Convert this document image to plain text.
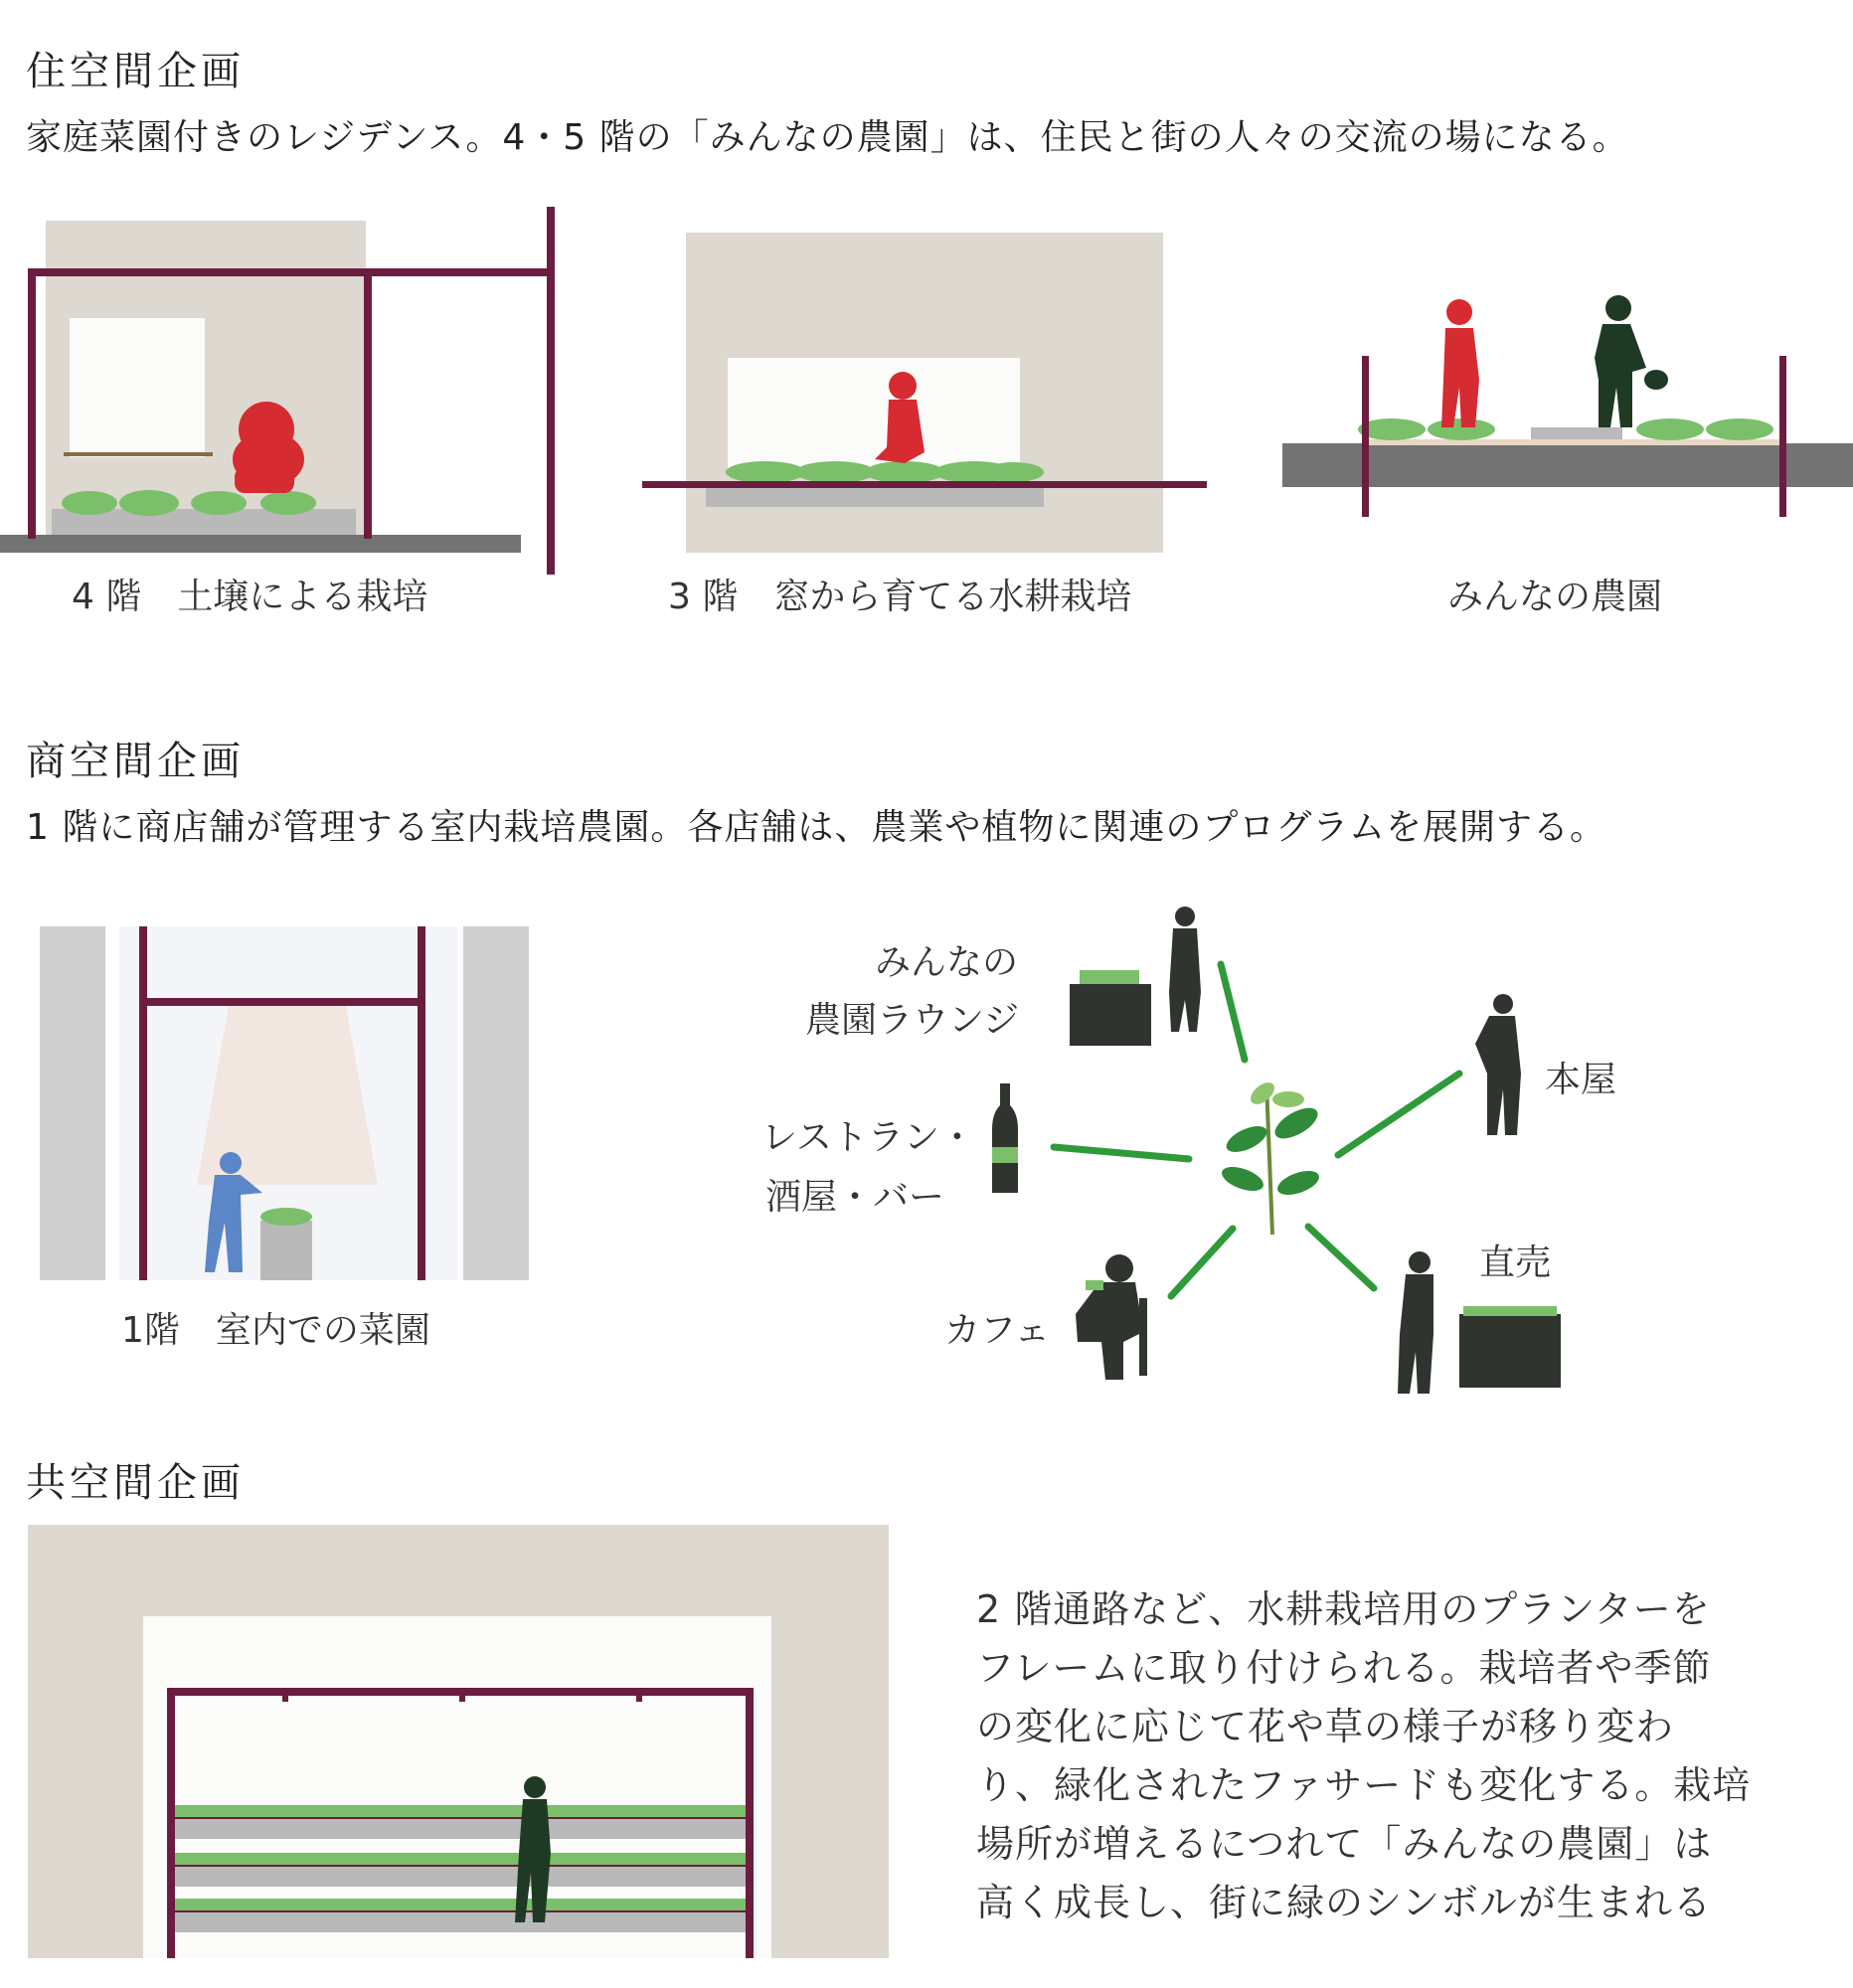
住空間企画
家庭菜園付きのレジデンス。4・5 階の「みんなの農園」は、住民と街の人々の交流の場になる。
4 階　土壌による栽培	3 階　窓から育てる水耕栽培	みんなの農園
商空間企画
1 階に商店舗が管理する室内栽培農園。各店舗は、農業や植物に関連のプログラムを展開する。
1階　室内での菜園
みんなの
農園ラウンジ
本屋
レストラン・
酒屋・バー
直売
カフェ
共空間企画
2 階通路など、水耕栽培用のプランターを
フレームに取り付けられる。栽培者や季節
の変化に応じて花や草の様子が移り変わ
り、緑化されたファサードも変化する。栽培
場所が増えるにつれて「みんなの農園」は
高く成長し、街に緑のシンボルが生まれる
